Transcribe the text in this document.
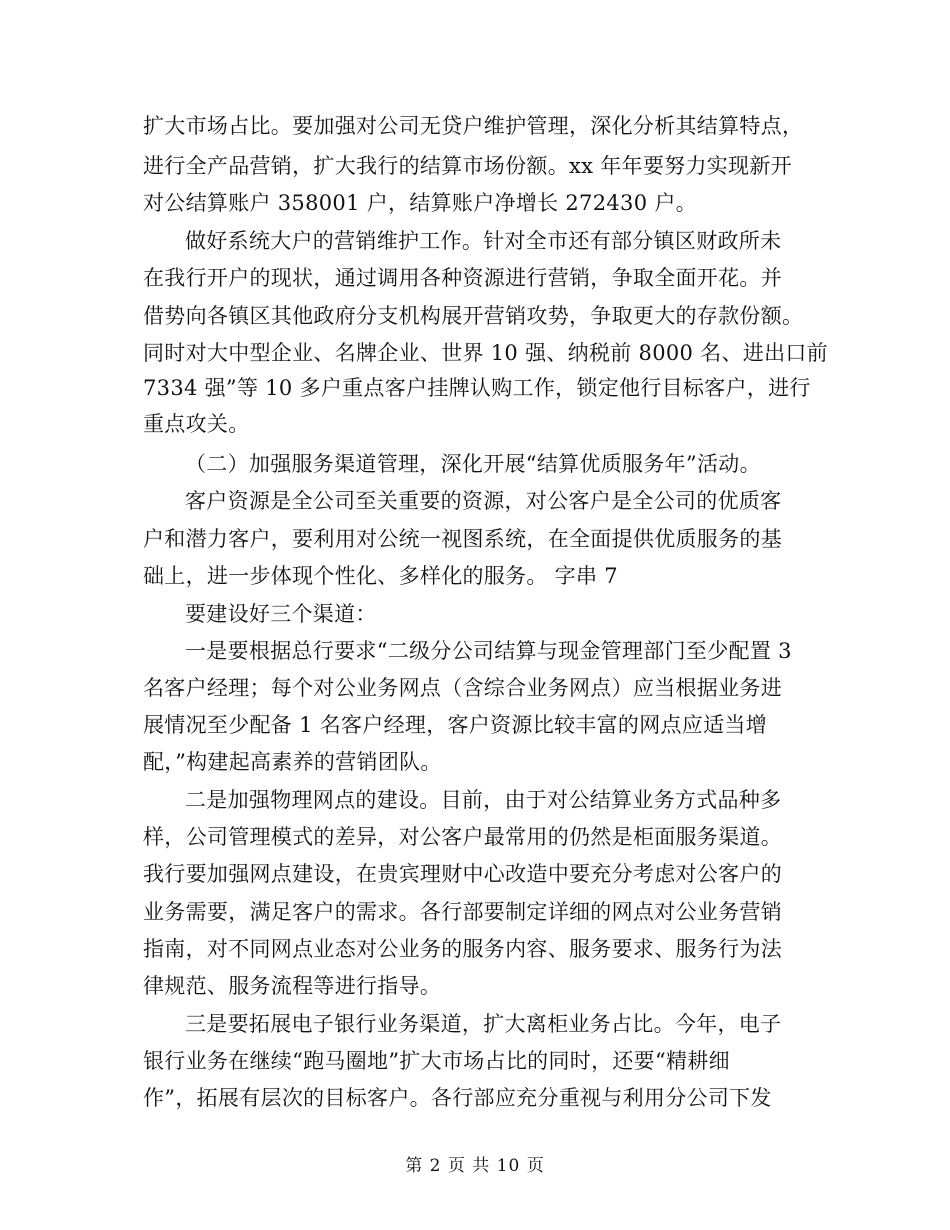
扩大市场占比。要加强对公司无贷户维护管理，深化分析其结算特点，
进行全产品营销，扩大我行的结算市场份额。xx 年年要努力实现新开
对公结算账户 358001 户，结算账户净增长 272430 户。
做好系统大户的营销维护工作。针对全市还有部分镇区财政所未
在我行开户的现状，通过调用各种资源进行营销，争取全面开花。并
借势向各镇区其他政府分支机构展开营销攻势，争取更大的存款份额。
同时对大中型企业、名牌企业、世界 10 强、纳税前 8000 名、进出口前
7334 强”等 10 多户重点客户挂牌认购工作，锁定他行目标客户，进行
重点攻关。
（二）加强服务渠道管理，深化开展“结算优质服务年”活动。
客户资源是全公司至关重要的资源，对公客户是全公司的优质客
户和潜力客户，要利用对公统一视图系统，在全面提供优质服务的基
础上，进一步体现个性化、多样化的服务。 字串 7
要建设好三个渠道：
一是要根据总行要求“二级分公司结算与现金管理部门至少配置 3
名客户经理；每个对公业务网点（含综合业务网点）应当根据业务进
展情况至少配备 1 名客户经理，客户资源比较丰富的网点应适当增
配，”构建起高素养的营销团队。
二是加强物理网点的建设。目前，由于对公结算业务方式品种多
样，公司管理模式的差异，对公客户最常用的仍然是柜面服务渠道。
我行要加强网点建设，在贵宾理财中心改造中要充分考虑对公客户的
业务需要，满足客户的需求。各行部要制定详细的网点对公业务营销
指南，对不同网点业态对公业务的服务内容、服务要求、服务行为法
律规范、服务流程等进行指导。
三是要拓展电子银行业务渠道，扩大离柜业务占比。今年，电子
银行业务在继续“跑马圈地”扩大市场占比的同时，还要“精耕细
作”，拓展有层次的目标客户。各行部应充分重视与利用分公司下发
第 2 页 共 10 页
